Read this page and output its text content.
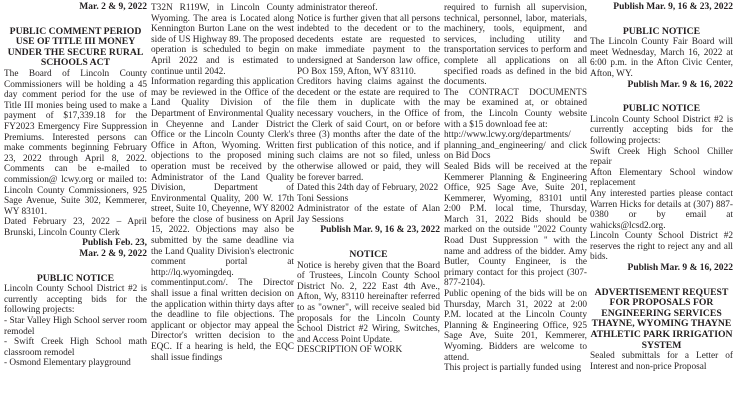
Mar. 2 & 9, 2022
PUBLIC COMMENT PERIOD USE OF TITLE III MONEY UNDER THE SECURE RURAL SCHOOLS ACT
The Board of Lincoln County Commissioners will be holding a 45 day comment period for the use of Title III monies being used to make a payment of $17,339.18 for the FY2023 Emergency Fire Suppression Premiums. Interested persons can make comments beginning February 23, 2022 through April 8, 2022. Comments can be e-mailed to commission@ lcwy.org or mailed to: Lincoln County Commissioners, 925 Sage Avenue, Suite 302, Kemmerer, WY 83101.
Dated February 23, 2022 – April Brunski, Lincoln County Clerk
Publish Feb. 23,
Mar. 2 & 9, 2022
PUBLIC NOTICE
Lincoln County School District #2 is currently accepting bids for the following projects:
- Star Valley High School server room remodel
- Swift Creek High School math classroom remodel
- Osmond Elementary playground
T32N R119W, in Lincoln County Wyoming. The area is Located along Kennington Burton Lane on the west side of US Highway 89. The proposed operation is scheduled to begin on April 2022 and is estimated to continue until 2042.
Information regarding this application may be reviewed in the Office of the Land Quality Division of the Department of Environmental Quality in Cheyenne and Lander District Office or the Lincoln County Clerk's Office in Afton, Wyoming. Written objections to the proposed mining operation must be received by the Administrator of the Land Quality Division, Department of Environmental Quality, 200 W. 17th street, Suite 10, Cheyenne, WY 82002 before the close of business on April 15, 2022. Objections may also be submitted by the same deadline via the Land Quality Division's electronic comment portal at http://lq.wyomingdeq. commentinput.com/. The Director shall issue a final written decision on the application within thirty days after the deadline to file objections. The applicant or objector may appeal the Director's written decision to the EQC. If a hearing is held, the EQC shall issue findings
administrator thereof.
Notice is further given that all persons indebted to the decedent or to the decedents estate are requested to make immediate payment to the undersigned at Sanderson law office, PO Box 159, Afton, WY 83110.
Creditors having claims against the decedent or the estate are required to file them in duplicate with the necessary vouchers, in the Office of the Clerk of said Court, on or before three (3) months after the date of the first publication of this notice, and if such claims are not so filed, unless otherwise allowed or paid, they will be forever barred.
Dated this 24th day of February, 2022
Toni Sessions
Administrator of the estate of Alan Jay Sessions
Publish Mar. 9, 16 & 23, 2022
NOTICE
Notice is hereby given that the Board of Trustees, Lincoln County School District No. 2, 222 East 4th Ave., Afton, Wy, 83110 hereinafter referred to as "owner", will receive sealed bid proposals for the Lincoln County School District #2 Wiring, Switches, and Access Point Update.
DESCRIPTION OF WORK
required to furnish all supervision, technical, personnel, labor, materials, machinery, tools, equipment, and services, including utility and transportation services to perform and complete all applications on all specified roads as defined in the bid documents.
The CONTRACT DOCUMENTS may be examined at, or obtained from, the Lincoln County website with a $15 download fee at:
http://www.lcwy.org/departments/ planning_and_engineering/ and click on Bid Docs
Sealed Bids will be received at the Kemmerer Planning & Engineering Office, 925 Sage Ave, Suite 201, Kemmerer, Wyoming, 83101 until 2:00 P.M. local time, Thursday, March 31, 2022 Bids should be marked on the outside "2022 County Road Dust Suppression " with the name and address of the bidder. Amy Butler, County Engineer, is the primary contact for this project (307-877-2104).
Public opening of the bids will be on Thursday, March 31, 2022 at 2:00 P.M. located at the Lincoln County Planning & Engineering Office, 925 Sage Ave, Suite 201, Kemmerer, Wyoming. Bidders are welcome to attend.
This project is partially funded using
Publish Mar. 9, 16 & 23, 2022
PUBLIC NOTICE
The Lincoln County Fair Board will meet Wednesday, March 16, 2022 at 6:00 p.m. in the Afton Civic Center, Afton, WY.
Publish Mar. 9 & 16, 2022
PUBLIC NOTICE
Lincoln County School District #2 is currently accepting bids for the following projects:
Swift Creek High School Chiller repair
Afton Elementary School window replacement
Any interested parties please contact Warren Hicks for details at (307) 887-0380 or by email at wahicks@lcsd2.org.
Lincoln County School District #2 reserves the right to reject any and all bids.
Publish Mar. 9 & 16, 2022
ADVERTISEMENT REQUEST FOR PROPOSALS FOR ENGINEERING SERVICES THAYNE, WYOMING THAYNE ATHLETIC PARK IRRIGATION SYSTEM
Sealed submittals for a Letter of Interest and non-price Proposal
